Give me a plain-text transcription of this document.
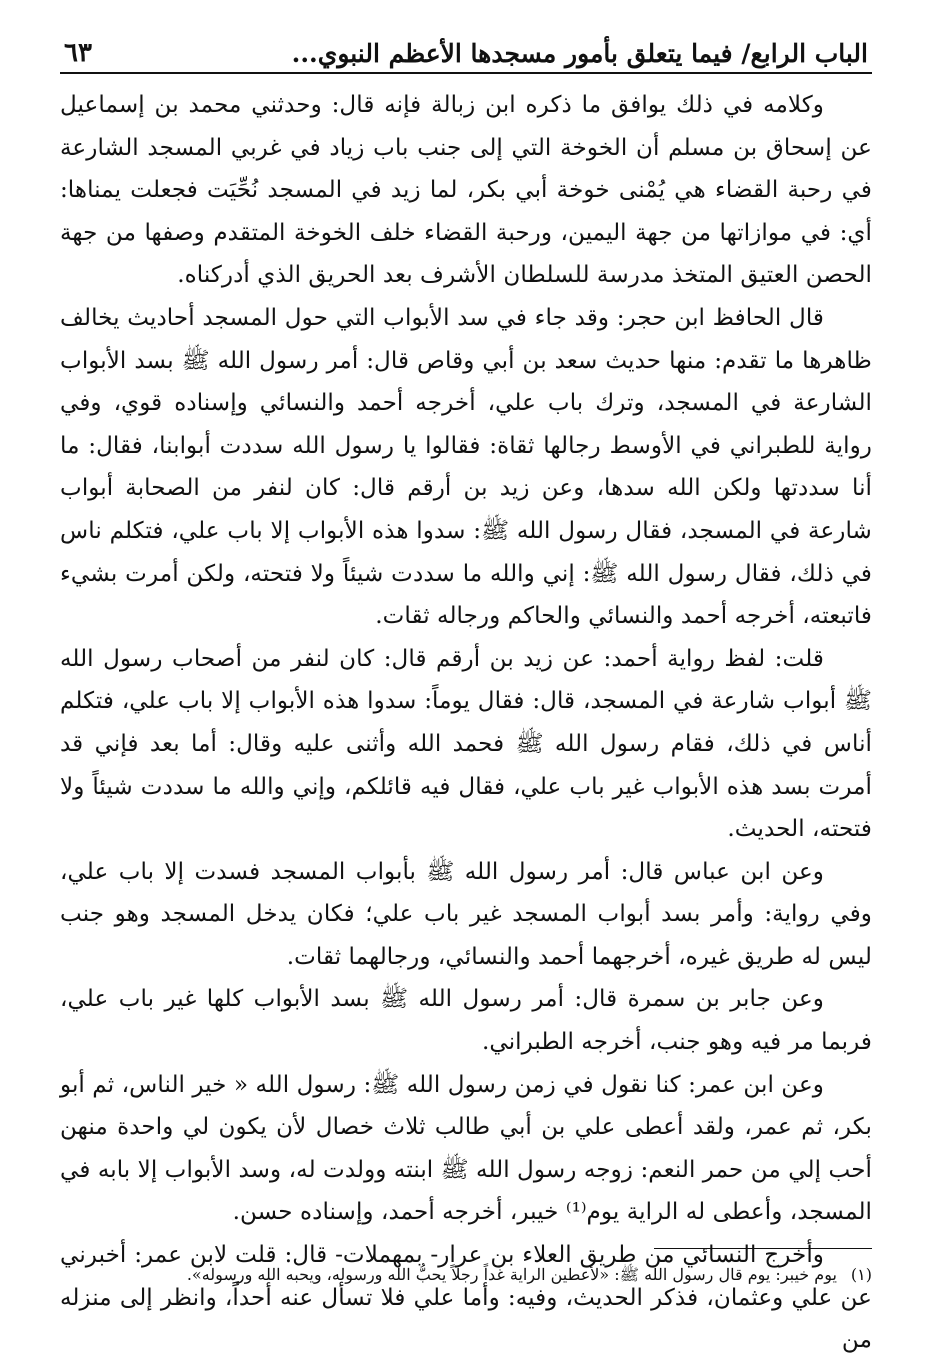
الباب الرابع/ فيما يتعلق بأمور مسجدها الأعظم النبوي...
٦٣

وكلامه في ذلك يوافق ما ذكره ابن زبالة فإنه قال: وحدثني محمد بن إسماعيل عن إسحاق بن مسلم أن الخوخة التي إلى جنب باب زياد في غربي المسجد الشارعة في رحبة القضاء هي يُمْنى خوخة أبي بكر، لما زيد في المسجد نُحِّيَت فجعلت يمناها: أي: في موازاتها من جهة اليمين، ورحبة القضاء خلف الخوخة المتقدم وصفها من جهة الحصن العتيق المتخذ مدرسة للسلطان الأشرف بعد الحريق الذي أدركناه.

قال الحافظ ابن حجر: وقد جاء في سد الأبواب التي حول المسجد أحاديث يخالف ظاهرها ما تقدم: منها حديث سعد بن أبي وقاص قال: أمر رسول الله ﷺ بسد الأبواب الشارعة في المسجد، وترك باب علي، أخرجه أحمد والنسائي وإسناده قوي، وفي رواية للطبراني في الأوسط رجالها ثقاة: فقالوا يا رسول الله سددت أبوابنا، فقال: ما أنا سددتها ولكن الله سدها، وعن زيد بن أرقم قال: كان لنفر من الصحابة أبواب شارعة في المسجد، فقال رسول الله ﷺ: سدوا هذه الأبواب إلا باب علي، فتكلم ناس في ذلك، فقال رسول الله ﷺ: إني والله ما سددت شيئاً ولا فتحته، ولكن أمرت بشيء فاتبعته، أخرجه أحمد والنسائي والحاكم ورجاله ثقات.

قلت: لفظ رواية أحمد: عن زيد بن أرقم قال: كان لنفر من أصحاب رسول الله ﷺ أبواب شارعة في المسجد، قال: فقال يوماً: سدوا هذه الأبواب إلا باب علي، فتكلم أناس في ذلك، فقام رسول الله ﷺ فحمد الله وأثنى عليه وقال: أما بعد فإني قد أمرت بسد هذه الأبواب غير باب علي، فقال فيه قائلكم، وإني والله ما سددت شيئاً ولا فتحته، الحديث.

وعن ابن عباس قال: أمر رسول الله ﷺ بأبواب المسجد فسدت إلا باب علي، وفي رواية: وأمر بسد أبواب المسجد غير باب علي؛ فكان يدخل المسجد وهو جنب ليس له طريق غيره، أخرجهما أحمد والنسائي، ورجالهما ثقات.

وعن جابر بن سمرة قال: أمر رسول الله ﷺ بسد الأبواب كلها غير باب علي، فربما مر فيه وهو جنب، أخرجه الطبراني.

وعن ابن عمر: كنا نقول في زمن رسول الله ﷺ: رسول الله « خير الناس، ثم أبو بكر، ثم عمر، ولقد أعطى علي بن أبي طالب ثلاث خصال لأن يكون لي واحدة منهن أحب إلي من حمر النعم: زوجه رسول الله ﷺ ابنته وولدت له، وسد الأبواب إلا بابه في المسجد، وأعطى له الراية يوم⁽¹⁾ خيبر، أخرجه أحمد، وإسناده حسن.

وأخرج النسائي من طريق العلاء بن عرار- بمهملات- قال: قلت لابن عمر: أخبرني عن علي وعثمان، فذكر الحديث، وفيه: وأما علي فلا تسأل عنه أحداً، وانظر إلى منزله من

(١)
يوم خيبر: يوم قال رسول الله ﷺ: «لأعطين الراية غداً رجلاً يحبُّ الله ورسوله، ويحبه الله ورسوله».
